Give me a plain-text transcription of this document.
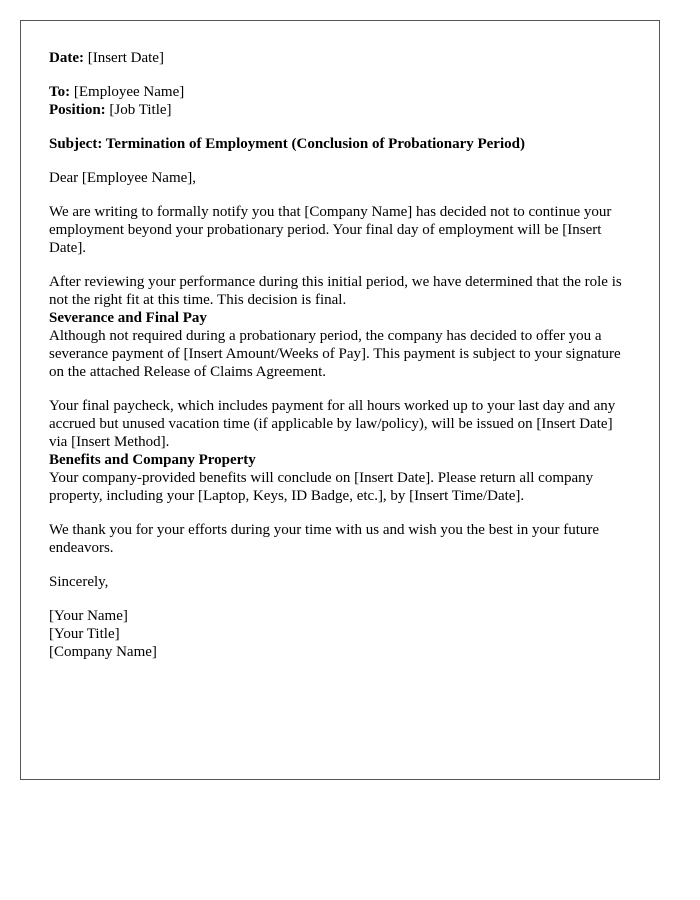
Date: [Insert Date]

To: [Employee Name]

Position: [Job Title]

Subject: Termination of Employment (Conclusion of Probationary Period)

Dear [Employee Name],

We are writing to formally notify you that [Company Name] has decided not to continue your employment beyond your probationary period. Your final day of employment will be [Insert Date].

After reviewing your performance during this initial period, we have determined that the role is not the right fit at this time. This decision is final.

Severance and Final Pay

Although not required during a probationary period, the company has decided to offer you a severance payment of [Insert Amount/Weeks of Pay]. This payment is subject to your signature on the attached Release of Claims Agreement.

Your final paycheck, which includes payment for all hours worked up to your last day and any accrued but unused vacation time (if applicable by law/policy), will be issued on [Insert Date] via [Insert Method].

Benefits and Company Property

Your company-provided benefits will conclude on [Insert Date]. Please return all company property, including your [Laptop, Keys, ID Badge, etc.], by [Insert Time/Date].

We thank you for your efforts during your time with us and wish you the best in your future endeavors.

Sincerely,

[Your Name]

[Your Title]

[Company Name]
